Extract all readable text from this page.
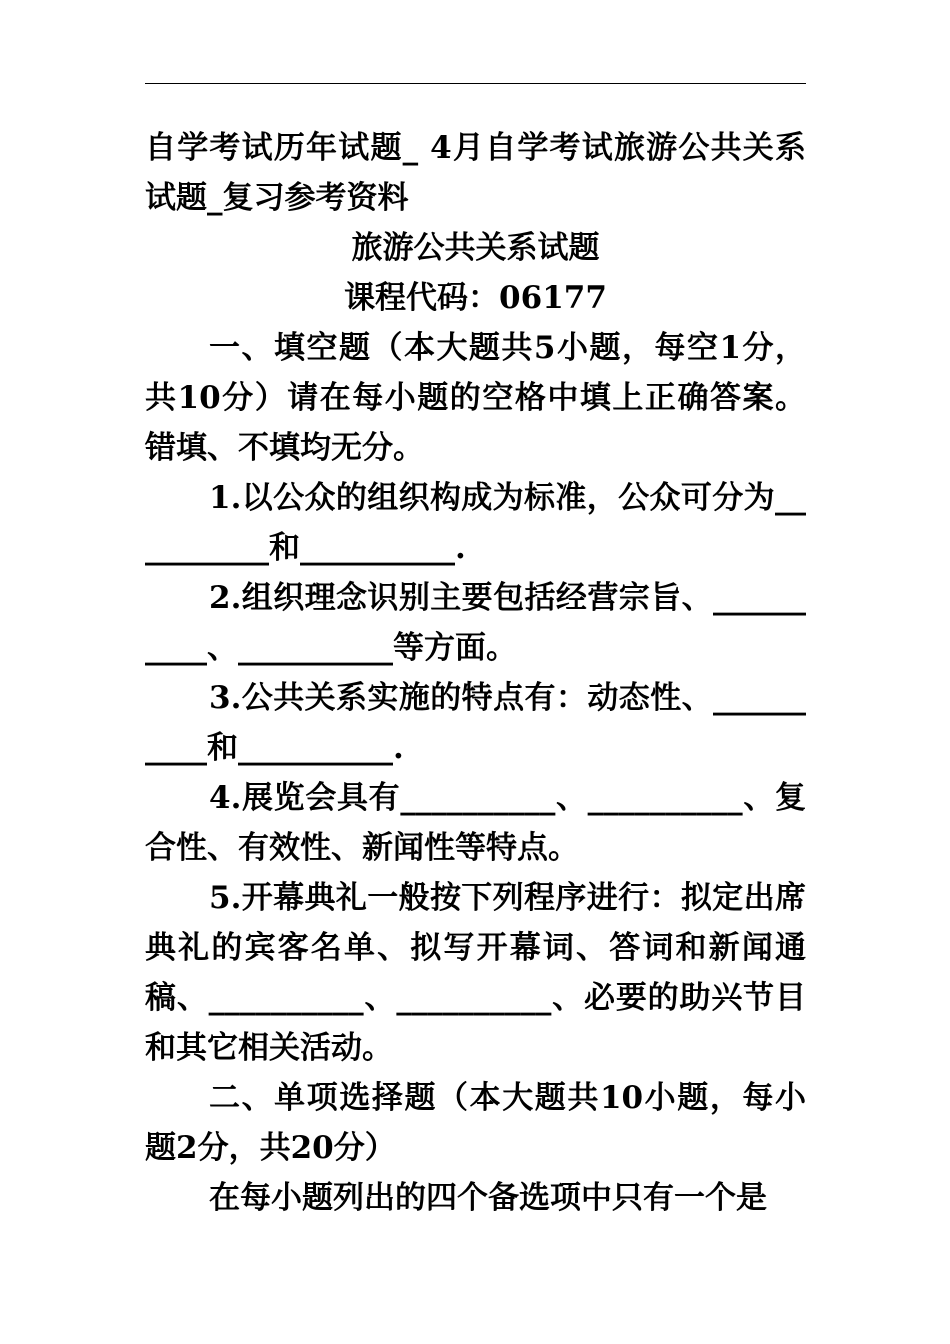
自学考试历年试题_ 4月自学考试旅游公共关系试题_复习参考资料

旅游公共关系试题

课程代码：06177

一、填空题（本大题共5小题，每空1分，共10分）请在每小题的空格中填上正确答案。错填、不填均无分。

1.以公众的组织构成为标准，公众可分为__________和__________.

2.组织理念识别主要包括经营宗旨、__________、__________等方面。

3.公共关系实施的特点有：动态性、__________和__________.

4.展览会具有__________、__________、复合性、有效性、新闻性等特点。

5.开幕典礼一般按下列程序进行：拟定出席典礼的宾客名单、拟写开幕词、答词和新闻通稿、__________、__________、必要的助兴节目和其它相关活动。

二、单项选择题（本大题共10小题，每小题2分，共20分）

在每小题列出的四个备选项中只有一个是
